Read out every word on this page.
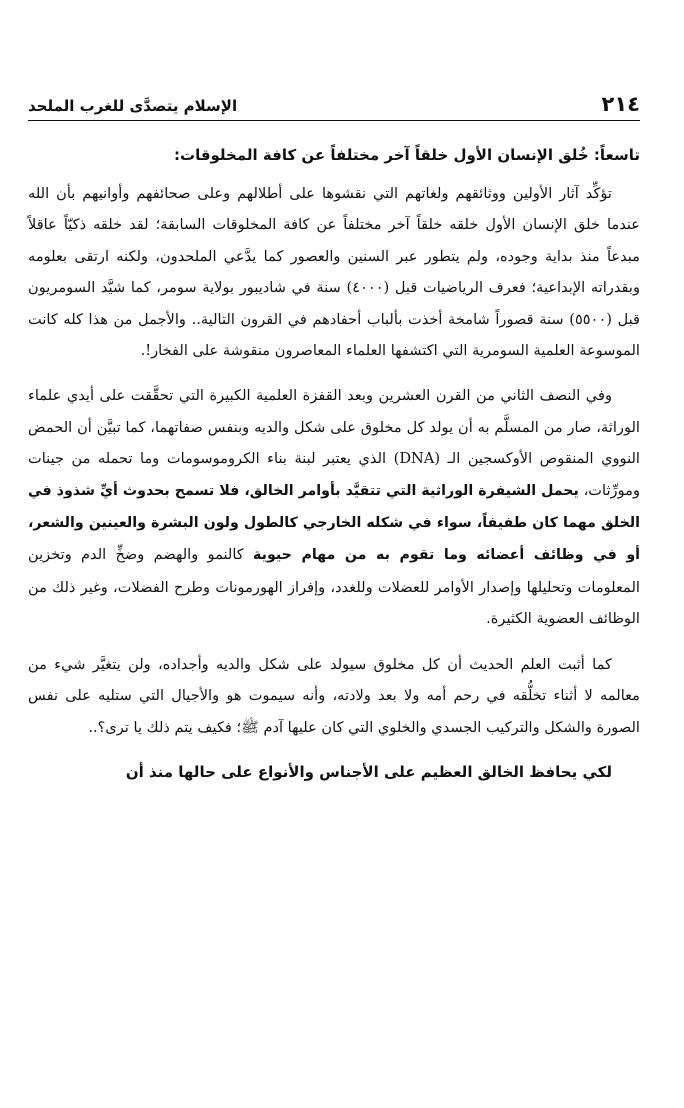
٢١٤
الإسلام يتصدَّى للغرب الملحد

تاسعاً: خُلق الإنسان الأول خلقاً آخر مختلفاً عن كافة المخلوقات:

تؤكِّد آثار الأولين ووثائقهم ولغاتهم التي نقشوها على أطلالهم وعلى صحائفهم وأوانيهم بأن الله عندما خلق الإنسان الأول خلقه خلقاً آخر مختلفاً عن كافة المخلوقات السابقة؛ لقد خلقه ذكيّاً عاقلاً مبدعاً منذ بداية وجوده، ولم يتطور عبر السنين والعصور كما يدَّعي الملحدون، ولكنه ارتقى بعلومه وبقدراته الإبداعية؛ فعرف الرياضيات قبل (٤٠٠٠) سنة في شاديبور بولاية سومر، كما شيَّد السومريون قبل (٥٥٠٠) سنة قصوراً شامخة أخذت بألباب أحفادهم في القرون التالية.. والأجمل من هذا كله كانت الموسوعة العلمية السومرية التي اكتشفها العلماء المعاصرون منقوشة على الفخار!.

وفي النصف الثاني من القرن العشرين وبعد القفزة العلمية الكبيرة التي تحقَّقت على أيدي علماء الوراثة، صار من المسلَّم به أن يولد كل مخلوق على شكل والديه وبنفس صفاتهما، كما تبيَّن أن الحمض النووي المنقوص الأوكسجين الـ (DNA) الذي يعتبر لبنة بناء الكروموسومات وما تحمله من جينات ومورِّثات، يحمل الشيفرة الوراثية التي تتقيَّد بأوامر الخالق، فلا تسمح بحدوث أيِّ شذوذ في الخلق مهما كان طفيفاً، سواء في شكله الخارجي كالطول ولون البشرة والعينين والشعر، أو في وظائف أعضائه وما تقوم به من مهام حيوية كالنمو والهضم وضخِّ الدم وتخزين المعلومات وتحليلها وإصدار الأوامر للعضلات وللغدد، وإفراز الهورمونات وطرح الفضلات، وغير ذلك من الوظائف العضوية الكثيرة.

كما أثبت العلم الحديث أن كل مخلوق سيولد على شكل والديه وأجداده، ولن يتغيَّر شيء من معالمه لا أثناء تخلُّقه في رحم أمه ولا بعد ولادته، وأنه سيموت هو والأجيال التي ستليه على نفس الصورة والشكل والتركيب الجسدي والخلوي التي كان عليها آدم ﷺ؛ فكيف يتم ذلك يا ترى؟..

لكي يحافظ الخالق العظيم على الأجناس والأنواع على حالها منذ أن
